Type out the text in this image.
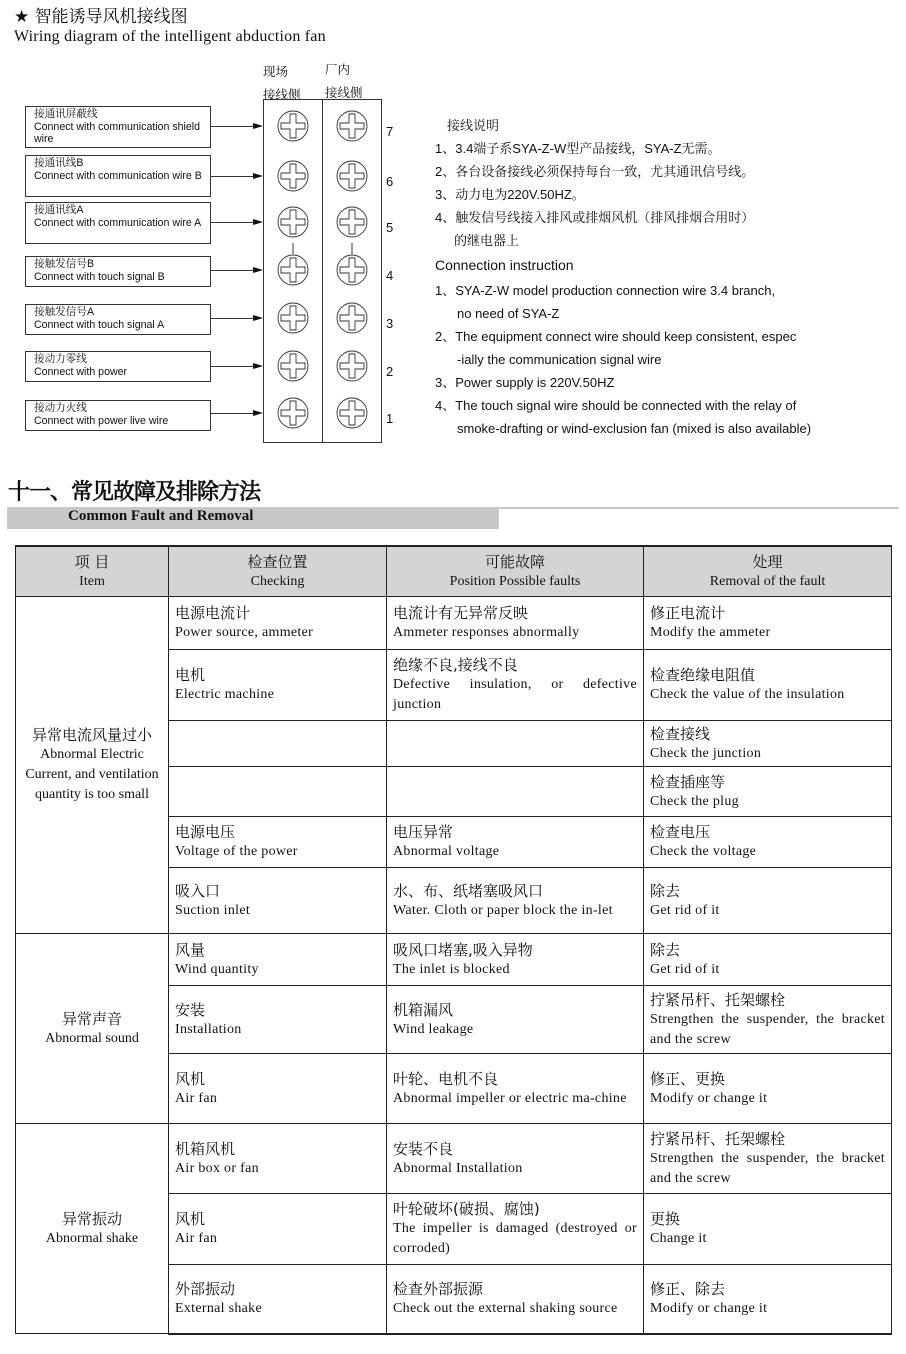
★ 智能诱导风机接线图
Wiring diagram of the intelligent abduction fan
现场
接线侧
厂内
接线侧
接通讯屏蔽线
Connect with communication shield wire
接通讯线B
Connect with communication wire B
接通讯线A
Connect with communication wire A
接触发信号B
Connect with touch signal B
接触发信号A
Connect with touch signal A
接动力零线
Connect with power
接动力火线
Connect with power live wire
7
6
5
4
3
2
1
接线说明
1、3.4端子系SYA-Z-W型产品接线，SYA-Z无需。
2、各台设备接线必须保持每台一致，尤其通讯信号线。
3、动力电为220V.50HZ。
4、触发信号线接入排风或排烟风机（排风排烟合用时）
的继电器上
Connection instruction
1、SYA-Z-W model production connection wire 3.4 branch,
no need of SYA-Z
2、The equipment connect wire should keep consistent, espec
-ially the communication signal wire
3、Power supply is 220V.50HZ
4、The touch signal wire should be connected with the relay of
smoke-drafting or wind-exclusion fan (mixed is also available)
十一、常见故障及排除方法
Common Fault and Removal
项 目
Item	检查位置
Checking	可能故障
Position Possible faults	处理
Removal of the fault

异常电流风量过小
Abnormal Electric Current, and ventilation quantity is too small	电源电流计
Power source, ammeter	电流计有无异常反映
Ammeter responses abnormally	修正电流计
Modify the ammeter

	电机
Electric machine	绝缘不良,接线不良
Defective insulation, or defective junction	检查绝缘电阻值
Check the value of the insulation

			检查接线
Check the junction

			检查插座等
Check the plug

	电源电压
Voltage of the power	电压异常
Abnormal voltage	检查电压
Check the voltage

	吸入口
Suction inlet	水、布、纸堵塞吸风口
Water. Cloth or paper block the in-let	除去
Get rid of it

异常声音
Abnormal sound	风量
Wind quantity	吸风口堵塞,吸入异物
The inlet is blocked	除去
Get rid of it

	安装
Installation	机箱漏风
Wind leakage	拧紧吊杆、托架螺栓
Strengthen the suspender, the bracket and the screw

	风机
Air fan	叶轮、电机不良
Abnormal impeller or electric ma-chine	修正、更换
Modify or change it

异常振动
Abnormal shake	机箱风机
Air box or fan	安装不良
Abnormal Installation	拧紧吊杆、托架螺栓
Strengthen the suspender, the bracket and the screw

	风机
Air fan	叶轮破坏(破损、腐蚀)
The impeller is damaged (destroyed or corroded)	更换
Change it

	外部振动
External shake	检查外部振源
Check out the external shaking source	修正、除去
Modify or change it
